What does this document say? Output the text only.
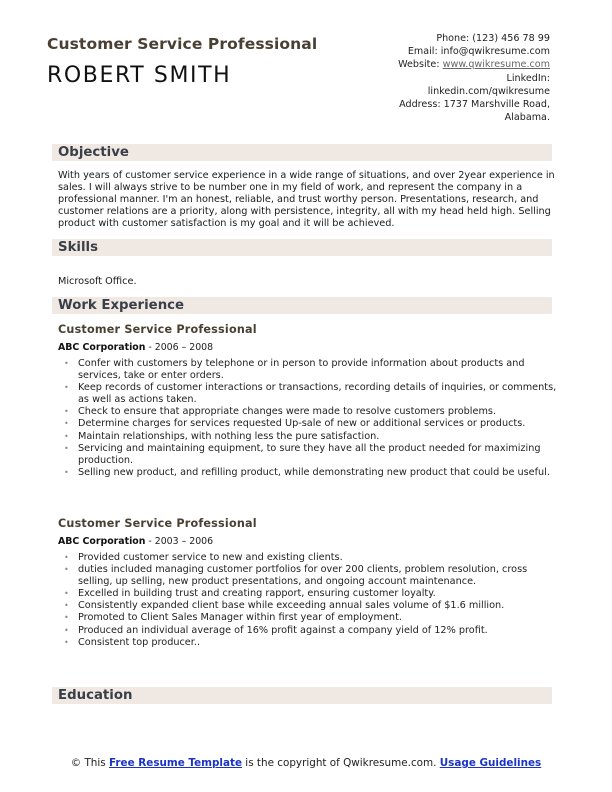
Customer Service Professional
ROBERT SMITH
Phone: (123) 456 78 99
Email: info@qwikresume.com
Website: www.qwikresume.com
LinkedIn:
linkedin.com/qwikresume
Address: 1737 Marshville Road,
Alabama.
Objective
With years of customer service experience in a wide range of situations, and over 2year experience in sales. I will always strive to be number one in my field of work, and represent the company in a professional manner. I'm an honest, reliable, and trust worthy person. Presentations, research, and customer relations are a priority, along with persistence, integrity, all with my head held high. Selling product with customer satisfaction is my goal and it will be achieved.
Skills
Microsoft Office.
Work Experience
Customer Service Professional
ABC Corporation - 2006 – 2008
• Confer with customers by telephone or in person to provide information about products and services, take or enter orders.
• Keep records of customer interactions or transactions, recording details of inquiries, or comments, as well as actions taken.
• Check to ensure that appropriate changes were made to resolve customers problems.
• Determine charges for services requested Up-sale of new or additional services or products.
• Maintain relationships, with nothing less the pure satisfaction.
• Servicing and maintaining equipment, to sure they have all the product needed for maximizing production.
• Selling new product, and refilling product, while demonstrating new product that could be useful.
Customer Service Professional
ABC Corporation - 2003 – 2006
• Provided customer service to new and existing clients.
• duties included managing customer portfolios for over 200 clients, problem resolution, cross selling, up selling, new product presentations, and ongoing account maintenance.
• Excelled in building trust and creating rapport, ensuring customer loyalty.
• Consistently expanded client base while exceeding annual sales volume of $1.6 million.
• Promoted to Client Sales Manager within first year of employment.
• Produced an individual average of 16% profit against a company yield of 12% profit.
• Consistent top producer..
Education
© This Free Resume Template is the copyright of Qwikresume.com. Usage Guidelines
